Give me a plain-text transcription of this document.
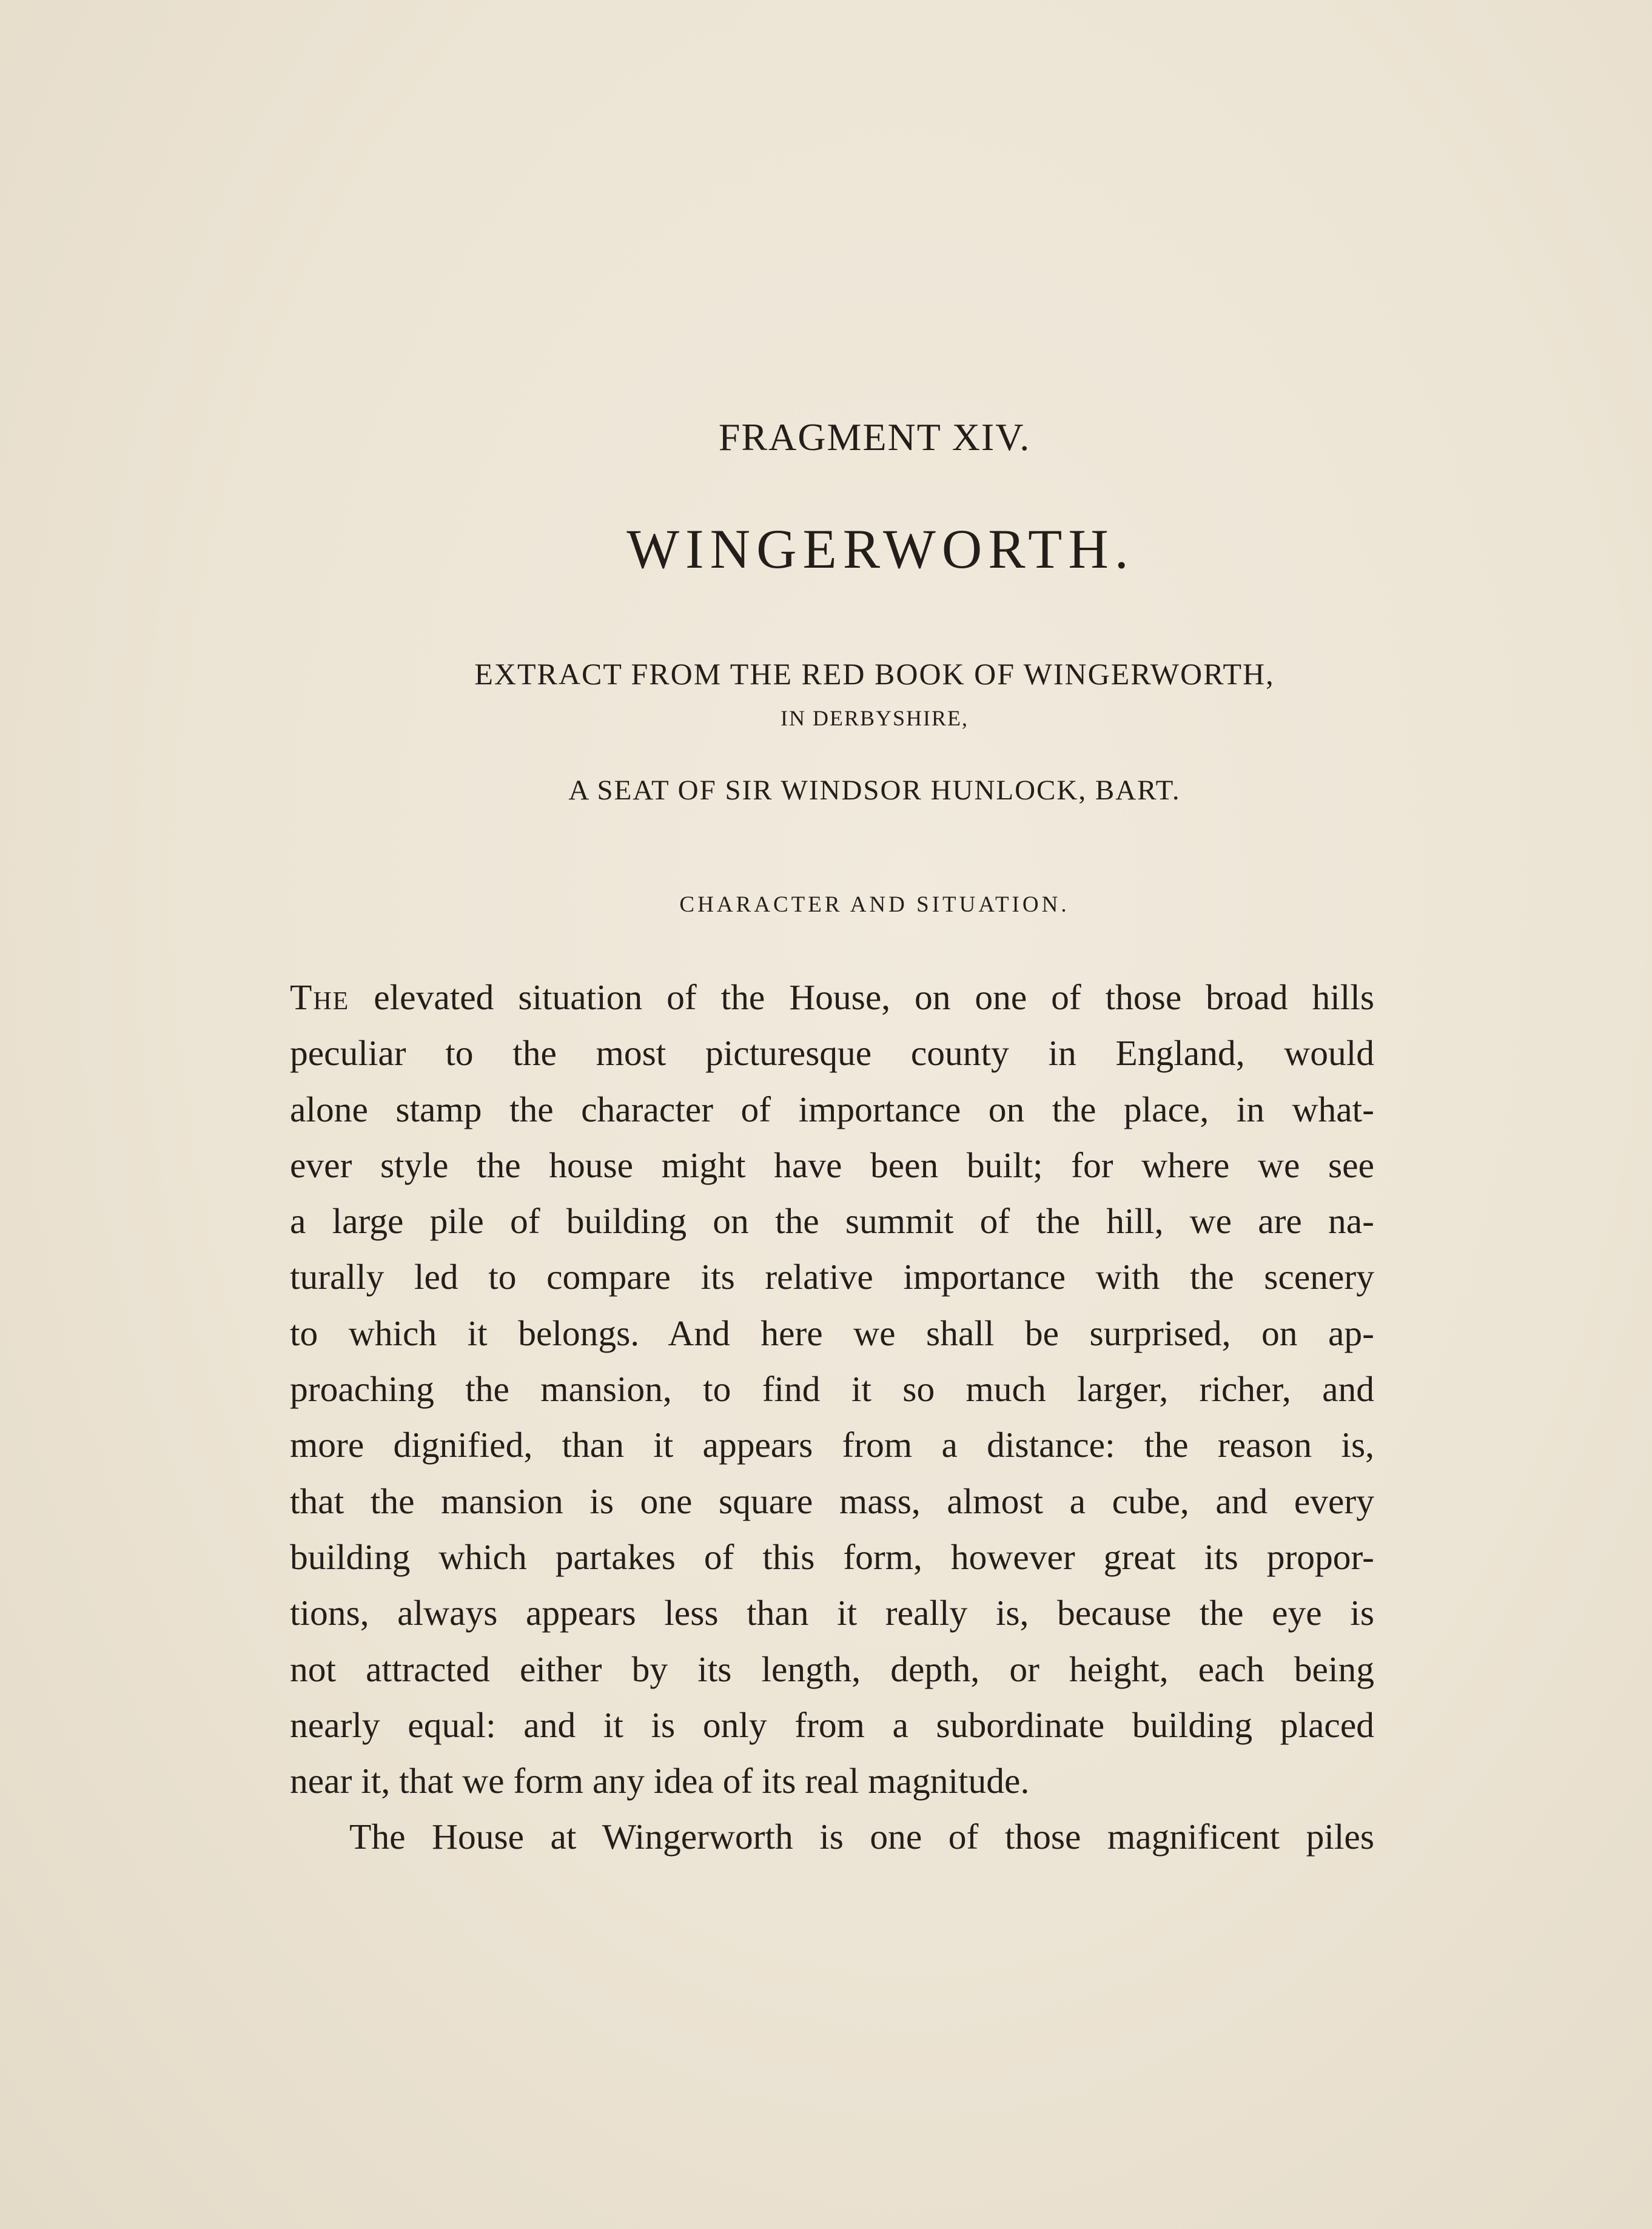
FRAGMENT XIV.
WINGERWORTH.
EXTRACT FROM THE RED BOOK OF WINGERWORTH,
IN DERBYSHIRE,
A SEAT OF SIR WINDSOR HUNLOCK, BART.
CHARACTER AND SITUATION.
The elevated situation of the House, on one of those broad hills
peculiar to the most picturesque county in England, would
alone stamp the character of importance on the place, in what-
ever style the house might have been built; for where we see
a large pile of building on the summit of the hill, we are na-
turally led to compare its relative importance with the scenery
to which it belongs. And here we shall be surprised, on ap-
proaching the mansion, to find it so much larger, richer, and
more dignified, than it appears from a distance: the reason is,
that the mansion is one square mass, almost a cube, and every
building which partakes of this form, however great its propor-
tions, always appears less than it really is, because the eye is
not attracted either by its length, depth, or height, each being
nearly equal: and it is only from a subordinate building placed
near it, that we form any idea of its real magnitude.
The House at Wingerworth is one of those magnificent piles
